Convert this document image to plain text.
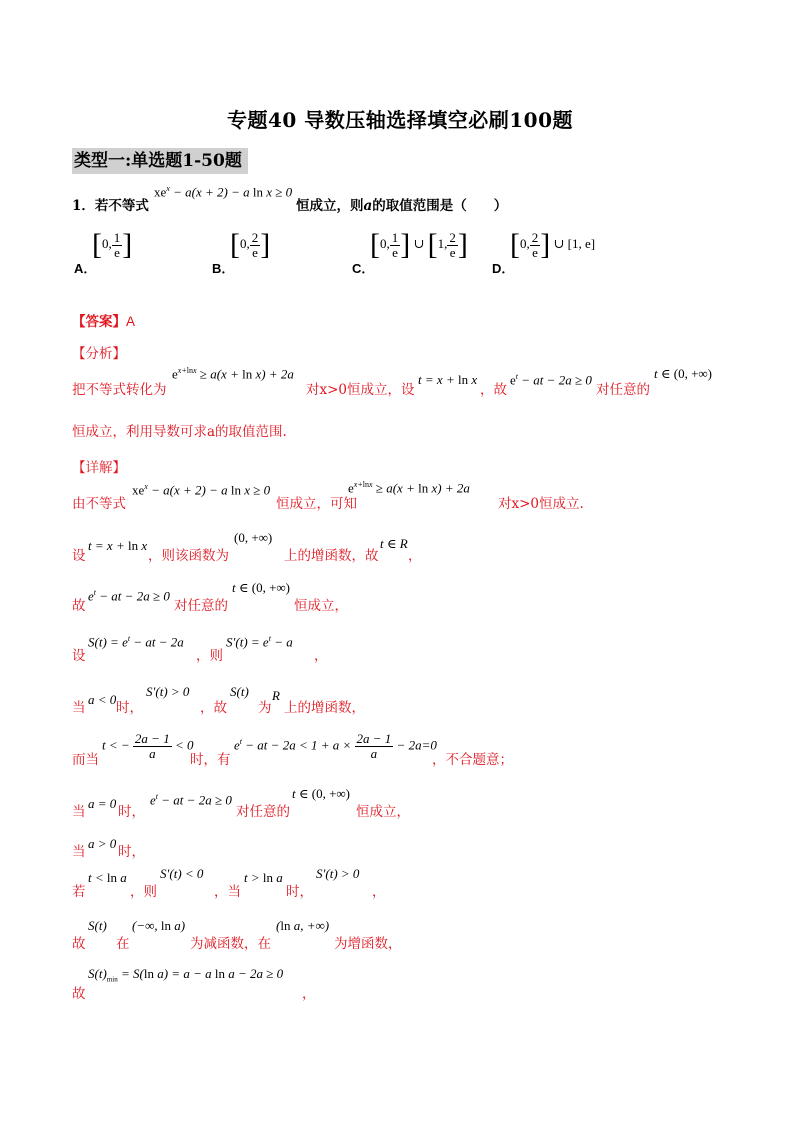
专题40 导数压轴选择填空必刷100题
类型一:单选题1-50题
1．若不等式
$xe^x - a(x + 2) - a$ ln x ≥ 0
恒成立，则a的取值范围是（　　）
A．
[0, $\frac{1}{e}$ ]
B．
[0, $\frac{2}{e}$ ]
C．
[0, $\frac{1}{e}$ ] ∪ [1, $\frac{2}{e}$ ]
D．
[0, $\frac{2}{e}$ ] ∪ [1, e]
【答案】A
【分析】
把不等式转化为
$e^{x+lnx} \ge a(x + \ln x) + 2a$
对x>0恒成立，设
t = x + ln x
，故
$e^t$ − at − 2a ≥ 0
对任意的
t ∈ (0, +∞)
恒成立，利用导数可求a的取值范围.
【详解】
由不等式
$xe^x - a(x + 2) - a$ ln x ≥ 0
恒成立，可知
$e^{x+lnx} \ge a(x + \ln x) + 2a$
对x>0恒成立.
设
t = x + ln x
，则该函数为
(0, +∞)
上的增函数，故
t ∈ R
，
故
$e^t$ − at − 2a ≥ 0
对任意的
t ∈ (0, +∞)
恒成立，
设
$S(t) = e^t$ − at − 2a
，则
$S'(t) = e^t - a$
，
当
a < 0
时，
S′(t) > 0
，故
S(t)
为
R
上的增函数，
而当
t < − $\frac{2a - 1}{a} < 0$
时，有
$e^t$ − at − $2a < 1 + a \times \frac{2a - 1}{a} - 2a=0$
，不合题意；
当
a = 0
时，
$e^t$ − at − 2a ≥ 0
对任意的
t ∈ (0, +∞)
恒成立，
当
a > 0
时，
若
t < ln a
，则
S′(t) < 0
，当
t > ln a
时，
S′(t) > 0
，
故
S(t)
在
(−∞, ln a)
为减函数，在
(ln a, +∞)
为增函数，
故
$S(t)_{min} = S(\ln$ a) = a − a ln a − 2a ≥ 0
，
